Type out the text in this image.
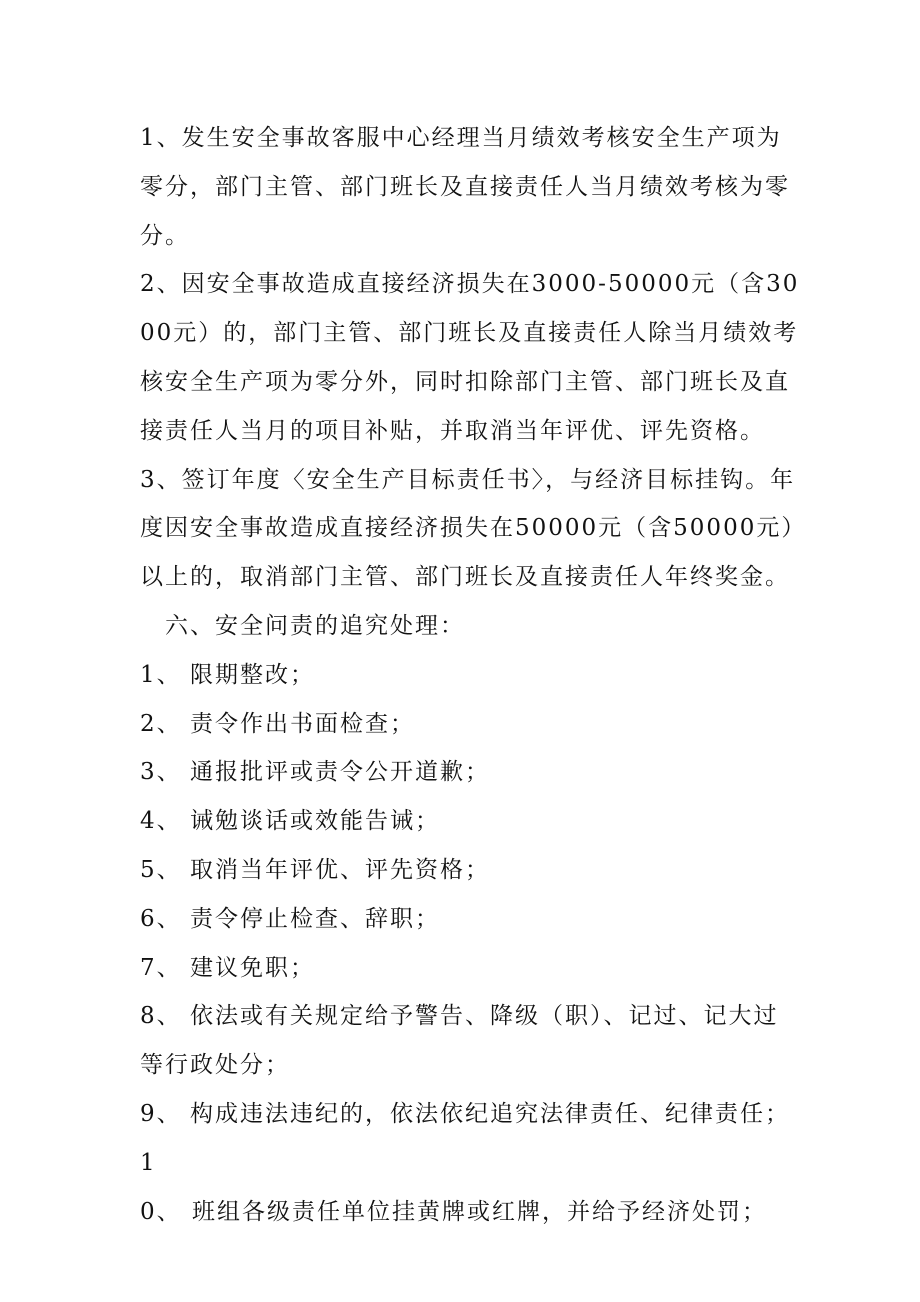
1、发生安全事故客服中心经理当月绩效考核安全生产项为零分，部门主管、部门班长及直接责任人当月绩效考核为零分。

2、因安全事故造成直接经济损失在3000-50000元（含3000元）的，部门主管、部门班长及直接责任人除当月绩效考核安全生产项为零分外，同时扣除部门主管、部门班长及直接责任人当月的项目补贴，并取消当年评优、评先资格。

3、签订年度〈安全生产目标责任书〉，与经济目标挂钩。年度因安全事故造成直接经济损失在50000元（含50000元）以上的，取消部门主管、部门班长及直接责任人年终奖金。

六、安全问责的追究处理：

1、 限期整改；

2、 责令作出书面检查；

3、 通报批评或责令公开道歉；

4、 诫勉谈话或效能告诫；

5、 取消当年评优、评先资格；

6、 责令停止检查、辞职；

7、 建议免职；

8、 依法或有关规定给予警告、降级（职）、记过、记大过等行政处分；

9、 构成违法违纪的，依法依纪追究法律责任、纪律责任；

10、 班组各级责任单位挂黄牌或红牌，并给予经济处罚；
